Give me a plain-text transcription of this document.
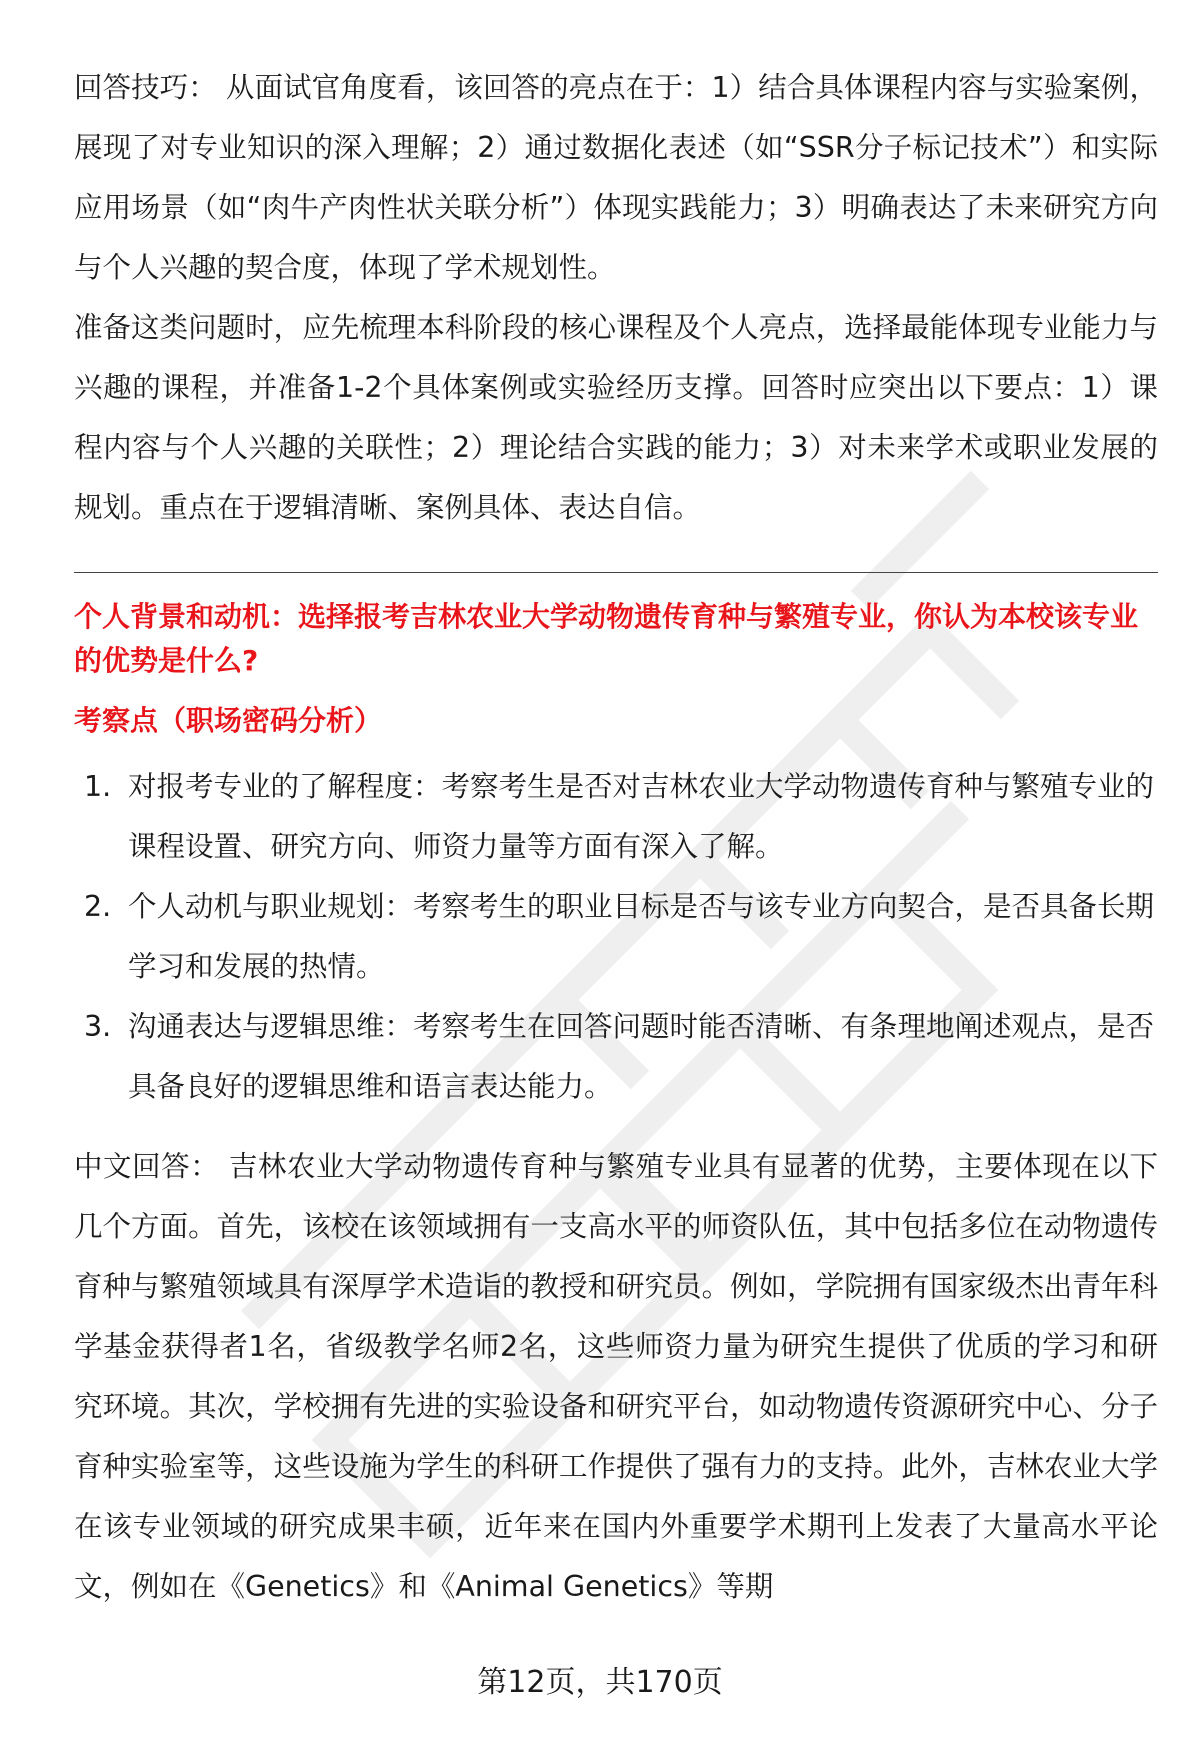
回答技巧： 从面试官角度看，该回答的亮点在于：1）结合具体课程内容与实验案例，展现了对专业知识的深入理解；2）通过数据化表述（如“SSR分子标记技术”）和实际应用场景（如“肉牛产肉性状关联分析”）体现实践能力；3）明确表达了未来研究方向与个人兴趣的契合度，体现了学术规划性。

准备这类问题时，应先梳理本科阶段的核心课程及个人亮点，选择最能体现专业能力与兴趣的课程，并准备1-2个具体案例或实验经历支撑。回答时应突出以下要点：1）课程内容与个人兴趣的关联性；2）理论结合实践的能力；3）对未来学术或职业发展的规划。重点在于逻辑清晰、案例具体、表达自信。

个人背景和动机：选择报考吉林农业大学动物遗传育种与繁殖专业，你认为本校该专业的优势是什么?

考察点（职场密码分析）

1. 对报考专业的了解程度：考察考生是否对吉林农业大学动物遗传育种与繁殖专业的课程设置、研究方向、师资力量等方面有深入了解。
2. 个人动机与职业规划：考察考生的职业目标是否与该专业方向契合，是否具备长期学习和发展的热情。
3. 沟通表达与逻辑思维：考察考生在回答问题时能否清晰、有条理地阐述观点，是否具备良好的逻辑思维和语言表达能力。

中文回答： 吉林农业大学动物遗传育种与繁殖专业具有显著的优势，主要体现在以下几个方面。首先，该校在该领域拥有一支高水平的师资队伍，其中包括多位在动物遗传育种与繁殖领域具有深厚学术造诣的教授和研究员。例如，学院拥有国家级杰出青年科学基金获得者1名，省级教学名师2名，这些师资力量为研究生提供了优质的学习和研究环境。其次，学校拥有先进的实验设备和研究平台，如动物遗传资源研究中心、分子育种实验室等，这些设施为学生的科研工作提供了强有力的支持。此外，吉林农业大学在该专业领域的研究成果丰硕，近年来在国内外重要学术期刊上发表了大量高水平论文，例如在《Genetics》和《Animal Genetics》等期

第12页，共170页
